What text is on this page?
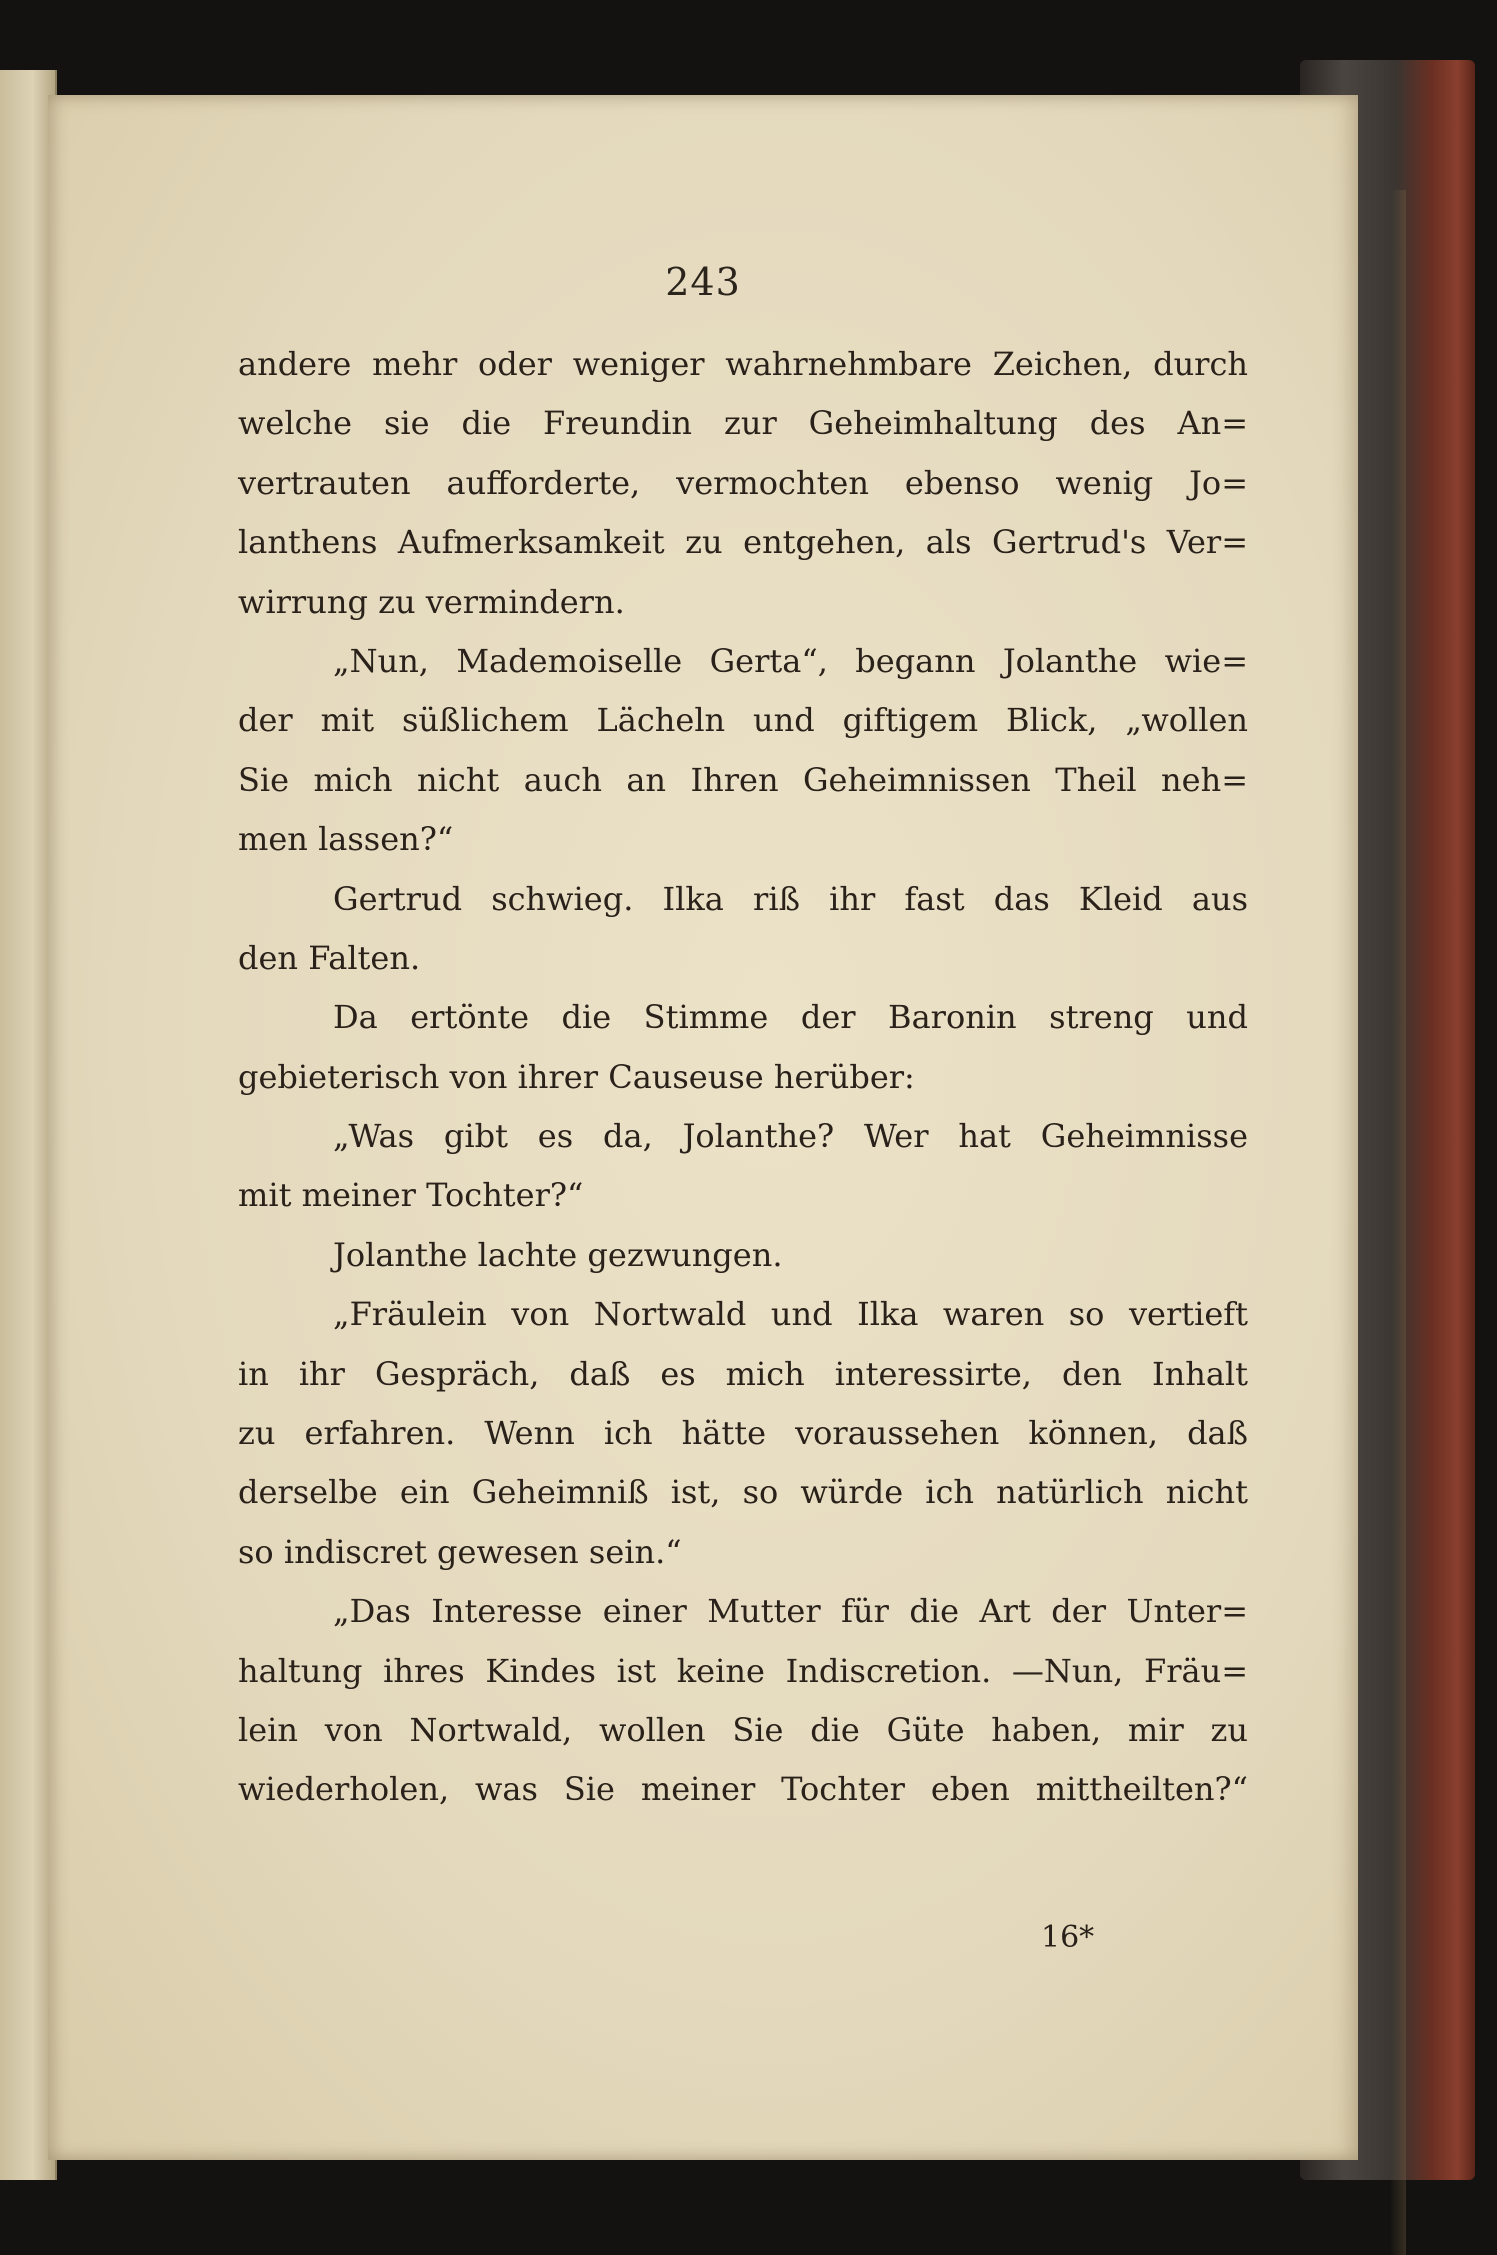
243
andere mehr oder weniger wahrnehmbare Zeichen, durch
welche sie die Freundin zur Geheimhaltung des An=
vertrauten aufforderte, vermochten ebenso wenig Jo=
lanthens Aufmerksamkeit zu entgehen, als Gertrud's Ver=
wirrung zu vermindern.
„Nun, Mademoiselle Gerta“, begann Jolanthe wie=
der mit süßlichem Lächeln und giftigem Blick, „wollen
Sie mich nicht auch an Ihren Geheimnissen Theil neh=
men lassen?“
Gertrud schwieg. Ilka riß ihr fast das Kleid aus
den Falten.
Da ertönte die Stimme der Baronin streng und
gebieterisch von ihrer Causeuse herüber:
„Was gibt es da, Jolanthe? Wer hat Geheimnisse
mit meiner Tochter?“
Jolanthe lachte gezwungen.
„Fräulein von Nortwald und Ilka waren so vertieft
in ihr Gespräch, daß es mich interessirte, den Inhalt
zu erfahren. Wenn ich hätte voraussehen können, daß
derselbe ein Geheimniß ist, so würde ich natürlich nicht
so indiscret gewesen sein.“
„Das Interesse einer Mutter für die Art der Unter=
haltung ihres Kindes ist keine Indiscretion. —Nun, Fräu=
lein von Nortwald, wollen Sie die Güte haben, mir zu
wiederholen, was Sie meiner Tochter eben mittheilten?“
16*
